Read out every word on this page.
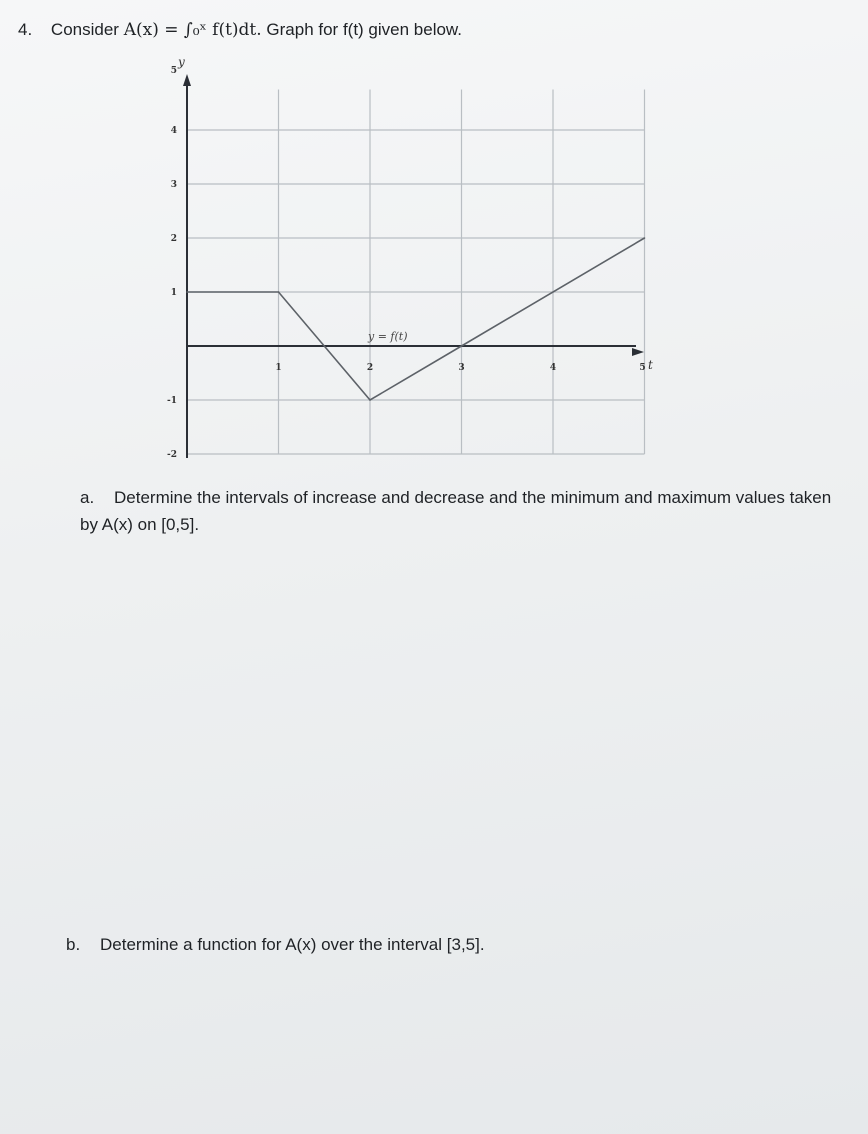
4. Consider A(x) = ∫₀ˣ f(t)dt. Graph for f(t) given below.
y
t
1	2	3	4	5
5
4
3
2
1
-1
-2
y = f(t)
a. Determine the intervals of increase and decrease and the minimum and maximum values taken by A(x) on [0,5].
b. Determine a function for A(x) over the interval [3,5].
